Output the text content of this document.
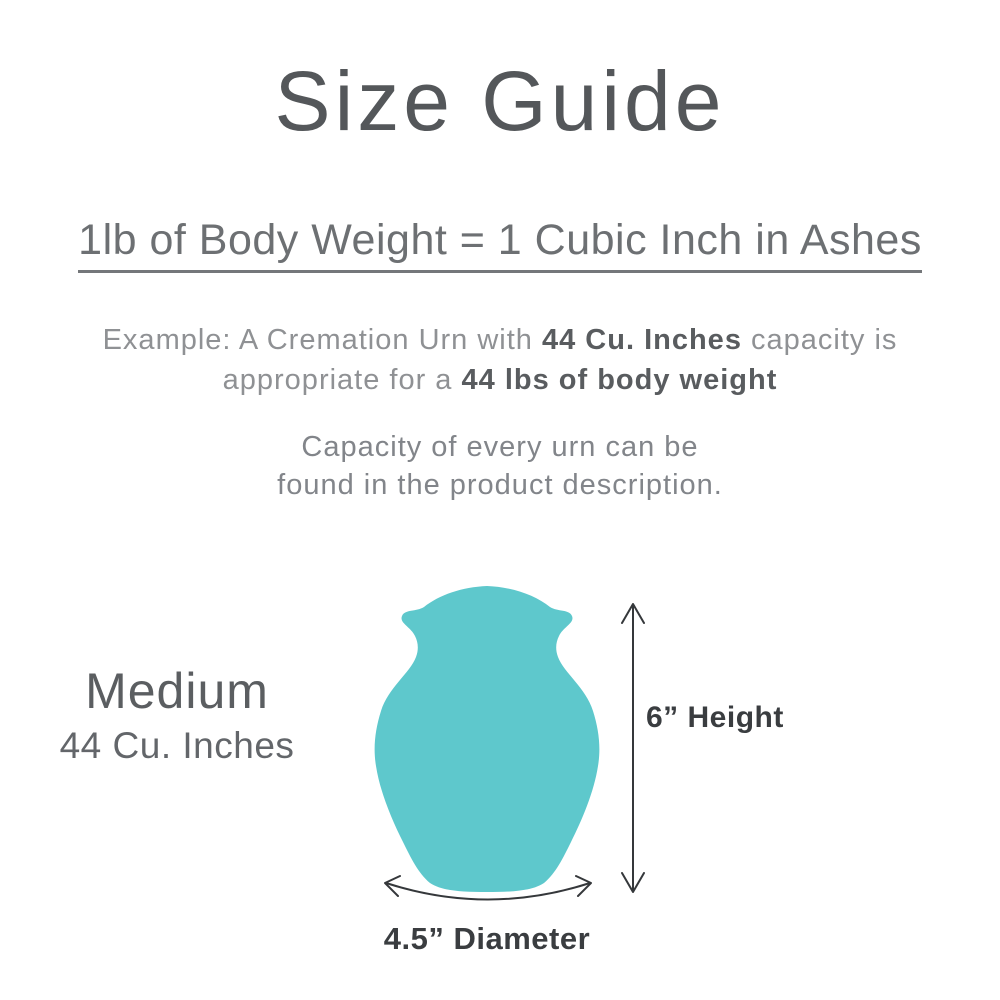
Size Guide
1lb of Body Weight = 1 Cubic Inch in Ashes
Example: A Cremation Urn with 44 Cu. Inches capacity is
appropriate for a 44 lbs of body weight
Capacity of every urn can be
found in the product description.
Medium
44 Cu. Inches
6” Height
4.5” Diameter
